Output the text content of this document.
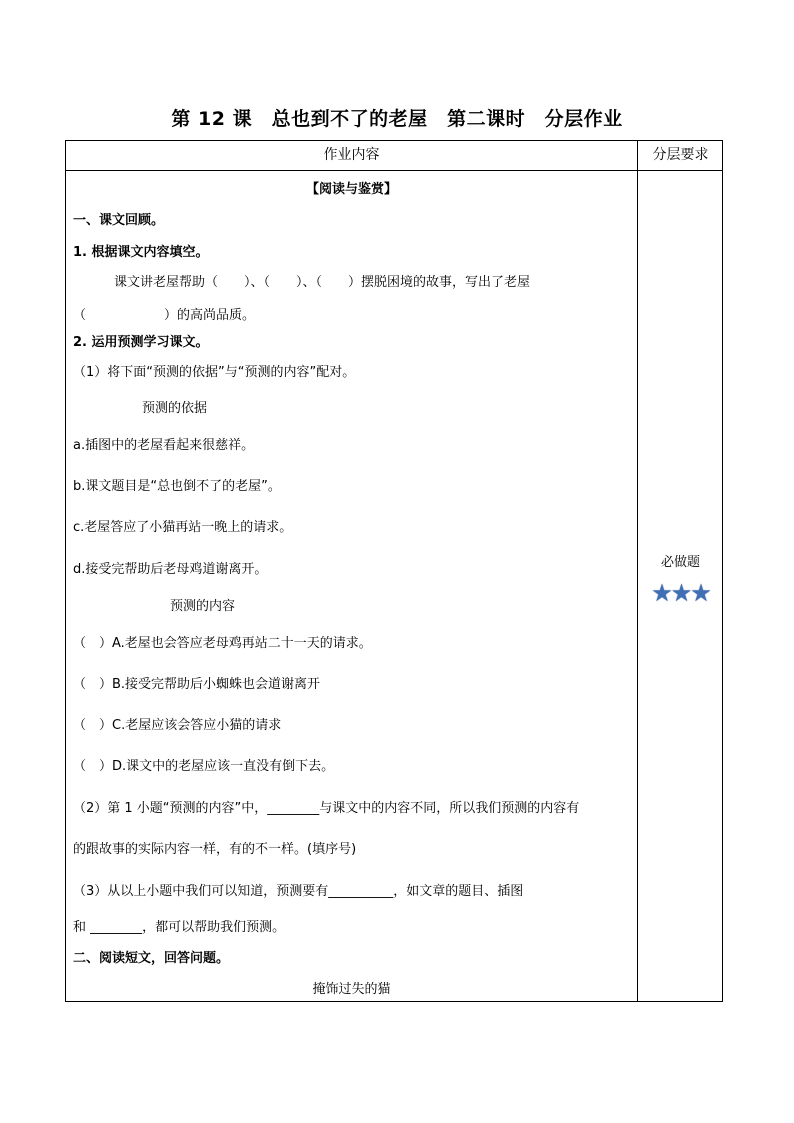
第 12 课　总也到不了的老屋　第二课时　分层作业
作业内容	分层要求
【阅读与鉴赏】
一、课文回顾。
1. 根据课文内容填空。
课文讲老屋帮助（　　）、（　　）、（　　）摆脱困境的故事，写出了老屋
（　　　　　　）的高尚品质。
2. 运用预测学习课文。
（1）将下面“预测的依据”与“预测的内容”配对。
预测的依据
a.插图中的老屋看起来很慈祥。
b.课文题目是“总也倒不了的老屋”。
c.老屋答应了小猫再站一晚上的请求。
d.接受完帮助后老母鸡道谢离开。
预测的内容
（　）A.老屋也会答应老母鸡再站二十一天的请求。
（　）B.接受完帮助后小蜘蛛也会道谢离开
（　）C.老屋应该会答应小猫的请求
（　）D.课文中的老屋应该一直没有倒下去。
（2）第 1 小题“预测的内容”中，________与课文中的内容不同，所以我们预测的内容有
的跟故事的实际内容一样，有的不一样。(填序号)
（3）从以上小题中我们可以知道，预测要有__________，如文章的题目、插图
和 ________，都可以帮助我们预测。
二、阅读短文，回答问题。
掩饰过失的猫
必做题
★★★
